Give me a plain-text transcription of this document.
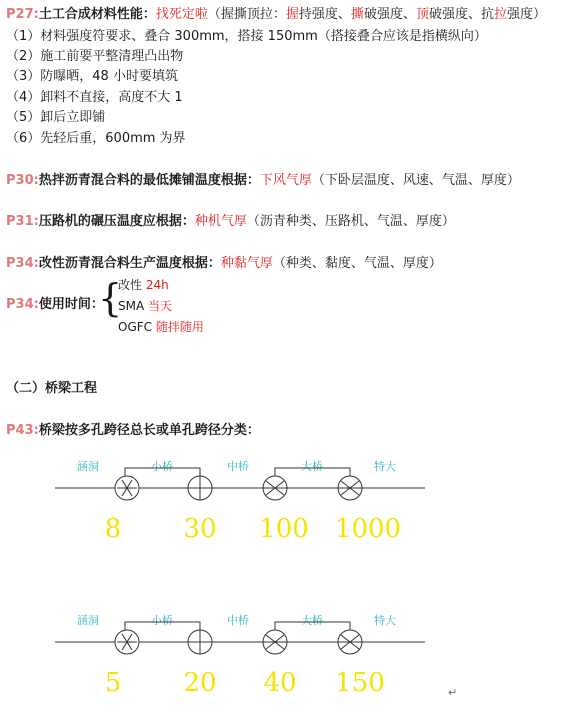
P27:土工合成材料性能：找死定啦（握撕顶拉：握持强度、撕破强度、顶破强度、抗拉强度）
（1）材料强度符要求、叠合 300mm，搭接 150mm（搭接叠合应该是指横纵向）
（2）施工前要平整清理凸出物
（3）防曝晒，48 小时要填筑
（4）卸料不直接，高度不大 1
（5）卸后立即铺
（6）先轻后重，600mm 为界
P30:热拌沥青混合料的最低摊铺温度根据：下风气厚（下卧层温度、风速、气温、厚度）
P31:压路机的碾压温度应根据：种机气厚（沥青种类、压路机、气温、厚度）
P34:改性沥青混合料生产温度根据：种黏气厚（种类、黏度、气温、厚度）
P34:使用时间：
{
改性 24h
SMA 当天
OGFC 随拌随用
（二）桥梁工程
P43:桥梁按多孔跨径总长或单孔跨径分类：
涵洞	小桥	中桥	大桥	特大
8 30 100 1000
涵洞	小桥	中桥	大桥	特大
5 20 40 150	↵
